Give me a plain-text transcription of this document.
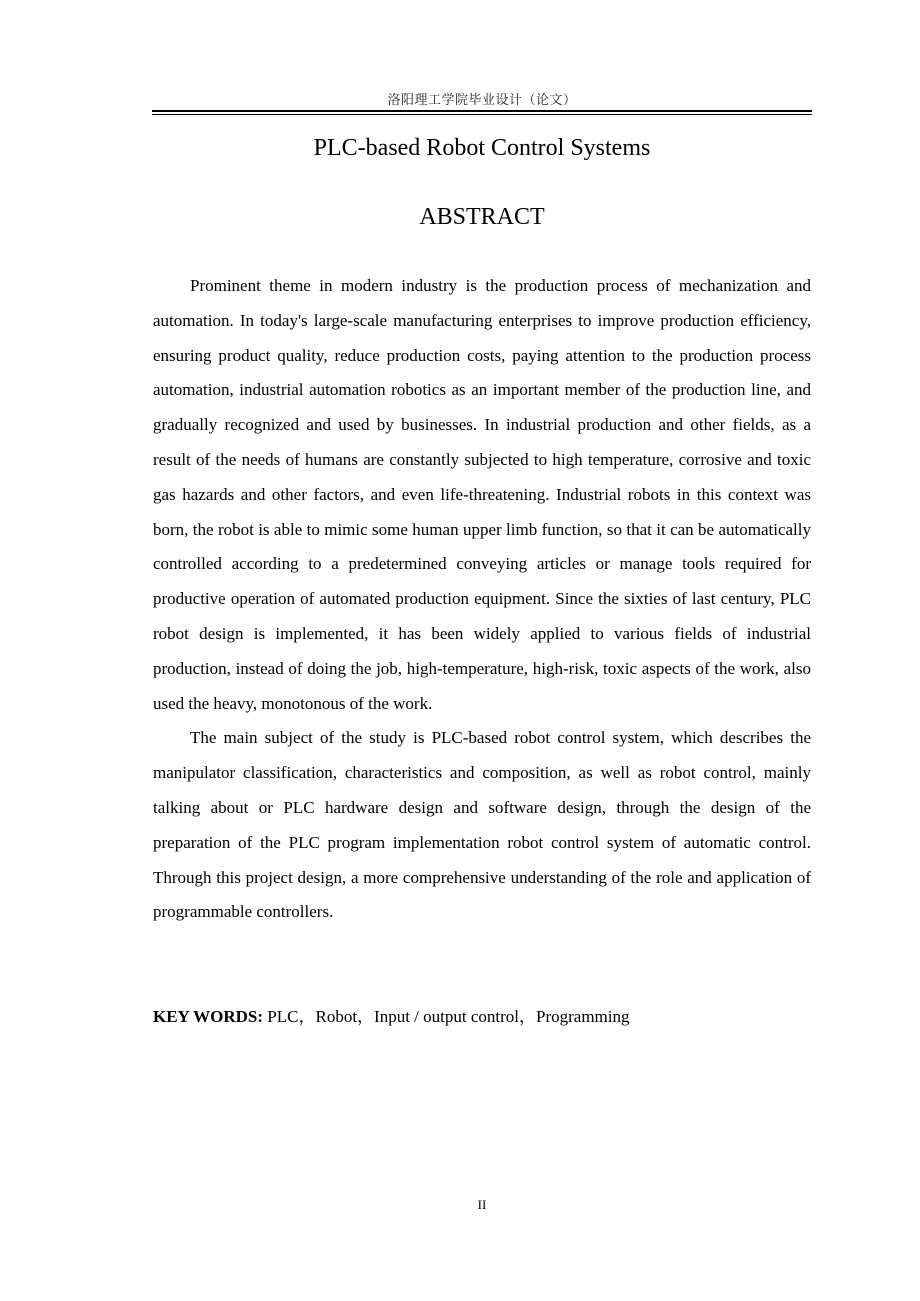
洛阳理工学院毕业设计（论文）
PLC-based Robot Control Systems
ABSTRACT

Prominent theme in modern industry is the production process of mechanization and automation. In today's large-scale manufacturing enterprises to improve production efficiency, ensuring product quality, reduce production costs, paying attention to the production process automation, industrial automation robotics as an important member of the production line, and gradually recognized and used by businesses. In industrial production and other fields, as a result of the needs of humans are constantly subjected to high temperature, corrosive and toxic gas hazards and other factors, and even life-threatening. Industrial robots in this context was born, the robot is able to mimic some human upper limb function, so that it can be automatically controlled according to a predetermined conveying articles or manage tools required for productive operation of automated production equipment. Since the sixties of last century, PLC robot design is implemented, it has been widely applied to various fields of industrial production, instead of doing the job, high-temperature, high-risk, toxic aspects of the work, also used the heavy, monotonous of the work.

The main subject of the study is PLC-based robot control system, which describes the manipulator classification, characteristics and composition, as well as robot control, mainly talking about or PLC hardware design and software design, through the design of the preparation of the PLC program implementation robot control system of automatic control. Through this project design, a more comprehensive understanding of the role and application of programmable controllers.

KEY WORDS: PLC，Robot，Input / output control，Programming
II
